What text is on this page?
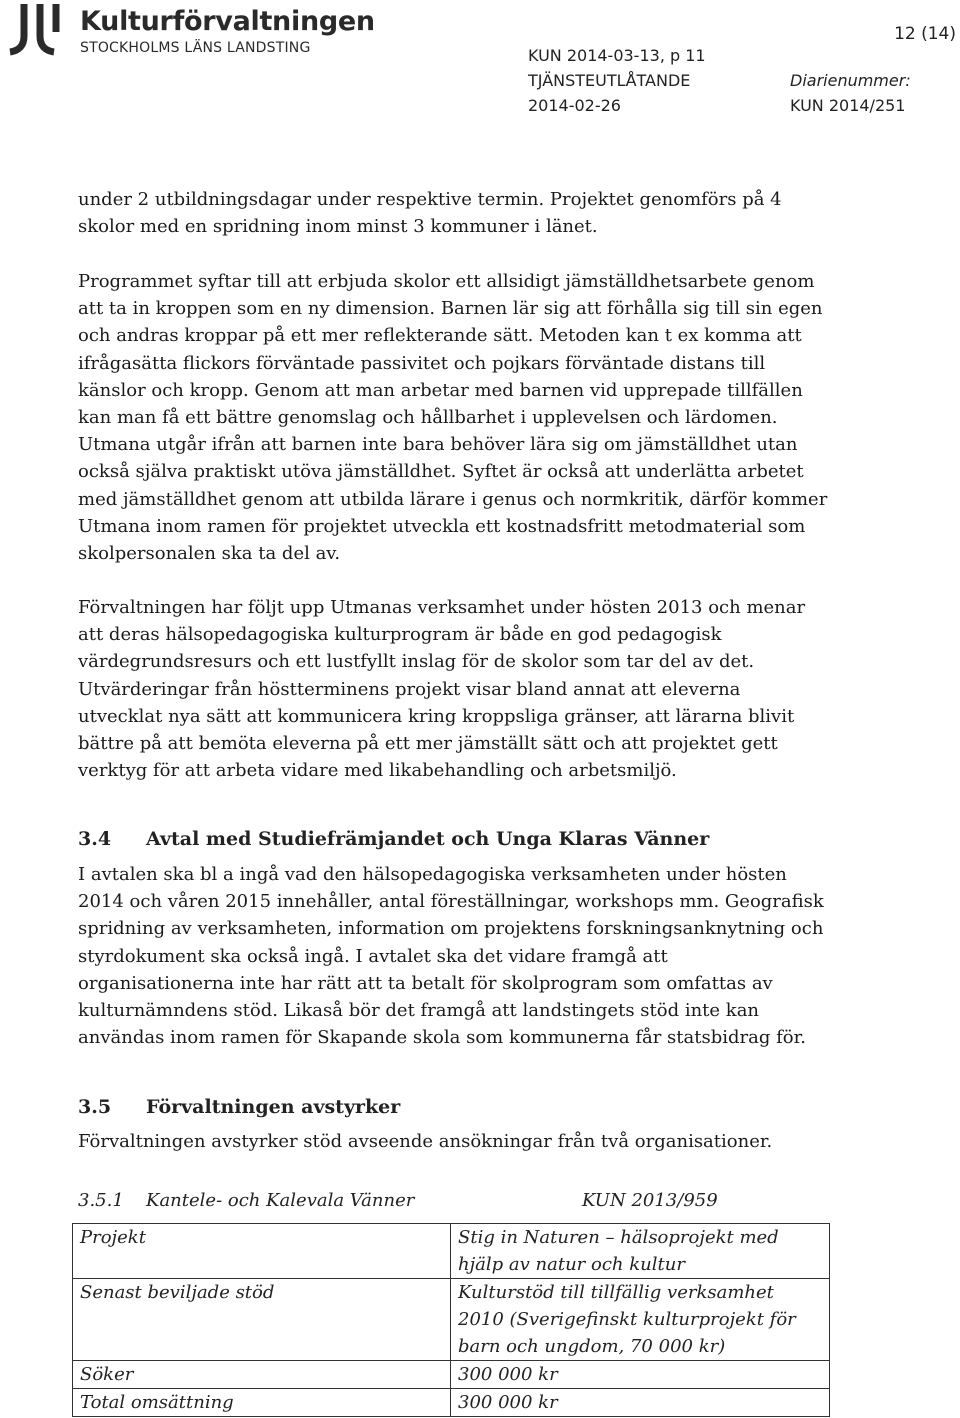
Kulturförvaltningen
STOCKHOLMS LÄNS LANDSTING
12 (14)
KUN 2014-03-13, p 11
TJÄNSTEUTLÅTANDE	Diarienummer:
2014-02-26	KUN 2014/251

under 2 utbildningsdagar under respektive termin. Projektet genomförs på 4 skolor med en spridning inom minst 3 kommuner i länet.

Programmet syftar till att erbjuda skolor ett allsidigt jämställdhetsarbete genom att ta in kroppen som en ny dimension. Barnen lär sig att förhålla sig till sin egen och andras kroppar på ett mer reflekterande sätt. Metoden kan t ex komma att ifrågasätta flickors förväntade passivitet och pojkars förväntade distans till känslor och kropp. Genom att man arbetar med barnen vid upprepade tillfällen kan man få ett bättre genomslag och hållbarhet i upplevelsen och lärdomen. Utmana utgår ifrån att barnen inte bara behöver lära sig om jämställdhet utan också själva praktiskt utöva jämställdhet. Syftet är också att underlätta arbetet med jämställdhet genom att utbilda lärare i genus och normkritik, därför kommer Utmana inom ramen för projektet utveckla ett kostnadsfritt metodmaterial som skolpersonalen ska ta del av.

Förvaltningen har följt upp Utmanas verksamhet under hösten 2013 och menar att deras hälsopedagogiska kulturprogram är både en god pedagogisk värdegrundsresurs och ett lustfyllt inslag för de skolor som tar del av det. Utvärderingar från höstterminens projekt visar bland annat att eleverna utvecklat nya sätt att kommunicera kring kroppsliga gränser, att lärarna blivit bättre på att bemöta eleverna på ett mer jämställt sätt och att projektet gett verktyg för att arbeta vidare med likabehandling och arbetsmiljö.

3.4 Avtal med Studiefrämjandet och Unga Klaras Vänner

I avtalen ska bl a ingå vad den hälsopedagogiska verksamheten under hösten 2014 och våren 2015 innehåller, antal föreställningar, workshops mm. Geografisk spridning av verksamheten, information om projektens forskningsanknytning och styrdokument ska också ingå. I avtalet ska det vidare framgå att organisationerna inte har rätt att ta betalt för skolprogram som omfattas av kulturnämndens stöd. Likaså bör det framgå att landstingets stöd inte kan användas inom ramen för Skapande skola som kommunerna får statsbidrag för.

3.5 Förvaltningen avstyrker

Förvaltningen avstyrker stöd avseende ansökningar från två organisationer.

3.5.1 Kantele- och Kalevala Vänner	KUN 2013/959
Projekt	Stig in Naturen – hälsoprojekt med hjälp av natur och kultur
Senast beviljade stöd	Kulturstöd till tillfällig verksamhet 2010 (Sverigefinskt kulturprojekt för barn och ungdom, 70 000 kr)
Söker	300 000 kr
Total omsättning	300 000 kr
